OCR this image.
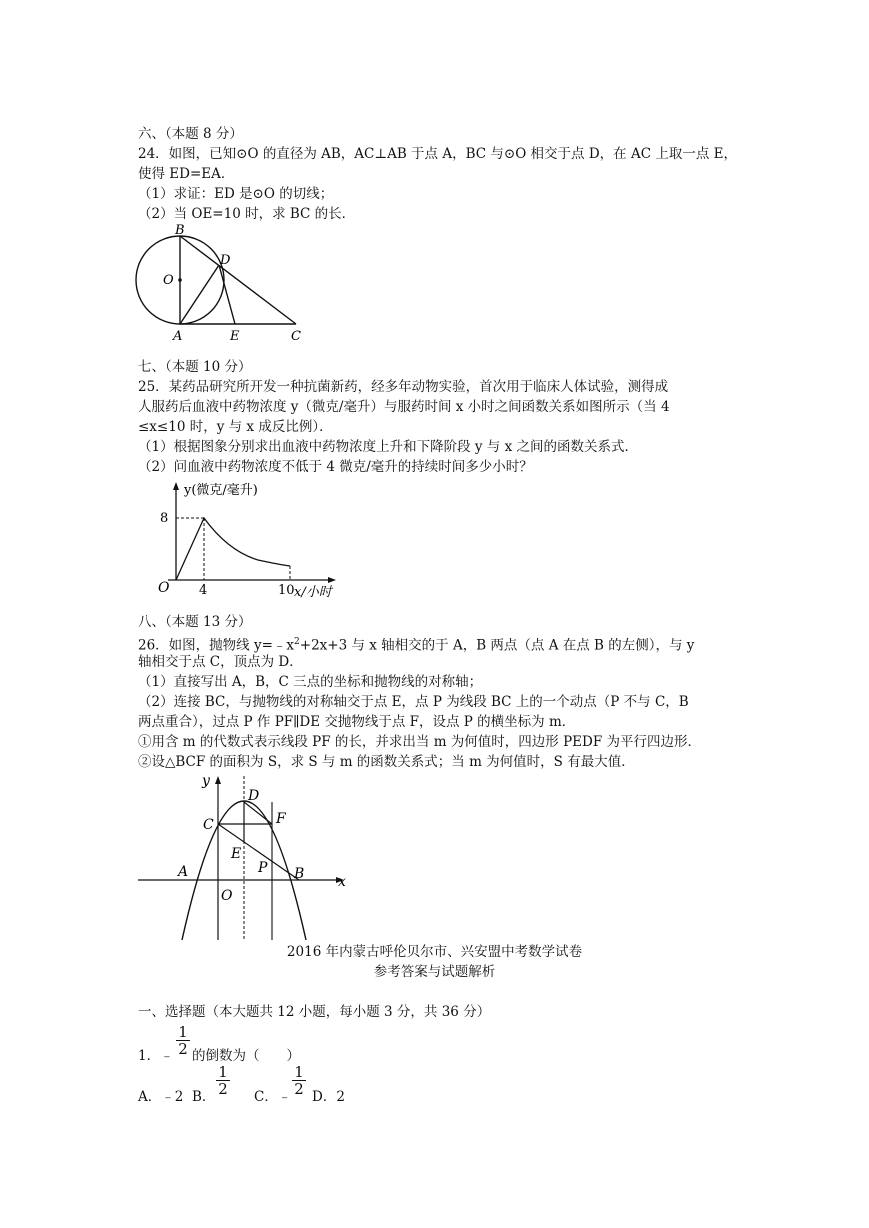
六、（本题 8 分）
24．如图，已知⊙O 的直径为 AB，AC⊥AB 于点 A，BC 与⊙O 相交于点 D，在 AC 上取一点 E，
使得 ED=EA．
（1）求证：ED 是⊙O 的切线；
（2）当 OE=10 时，求 BC 的长．
B
D
O
A	E	C
七、（本题 10 分）
25．某药品研究所开发一种抗菌新药，经多年动物实验，首次用于临床人体试验，测得成
人服药后血液中药物浓度 y（微克/毫升）与服药时间 x 小时之间函数关系如图所示（当 4
≤x≤10 时，y 与 x 成反比例）．
（1）根据图象分别求出血液中药物浓度上升和下降阶段 y 与 x 之间的函数关系式．
（2）问血液中药物浓度不低于 4 微克/毫升的持续时间多少小时？
y(微克/毫升)
8
O 4	10 x/小时
八、（本题 13 分）
26．如图，抛物线 $y=﹣x^2+2x+3$ 与 x 轴相交的于 A，B 两点（点 A 在点 B 的左侧），与 y
轴相交于点 C，顶点为 D．
（1）直接写出 A，B，C 三点的坐标和抛物线的对称轴；
（2）连接 BC，与抛物线的对称轴交于点 E，点 P 为线段 BC 上的一个动点（P 不与 C，B
两点重合），过点 P 作 PF∥DE 交抛物线于点 F，设点 P 的横坐标为 m．
①用含 m 的代数式表示线段 PF 的长，并求出当 m 为何值时，四边形 PEDF 为平行四边形．
②设△BCF 的面积为 S，求 S 与 m 的函数关系式；当 m 为何值时，S 有最大值．
y
D
C	F
E
P
A	B
O
x
2016 年内蒙古呼伦贝尔市、兴安盟中考数学试卷
参考答案与试题解析
一、选择题（本大题共 12 小题，每小题 3 分，共 36 分）
1．﹣
1
2 的倒数为（　　）
A．﹣2 B．
1
2 C．﹣
1
2 D．2
